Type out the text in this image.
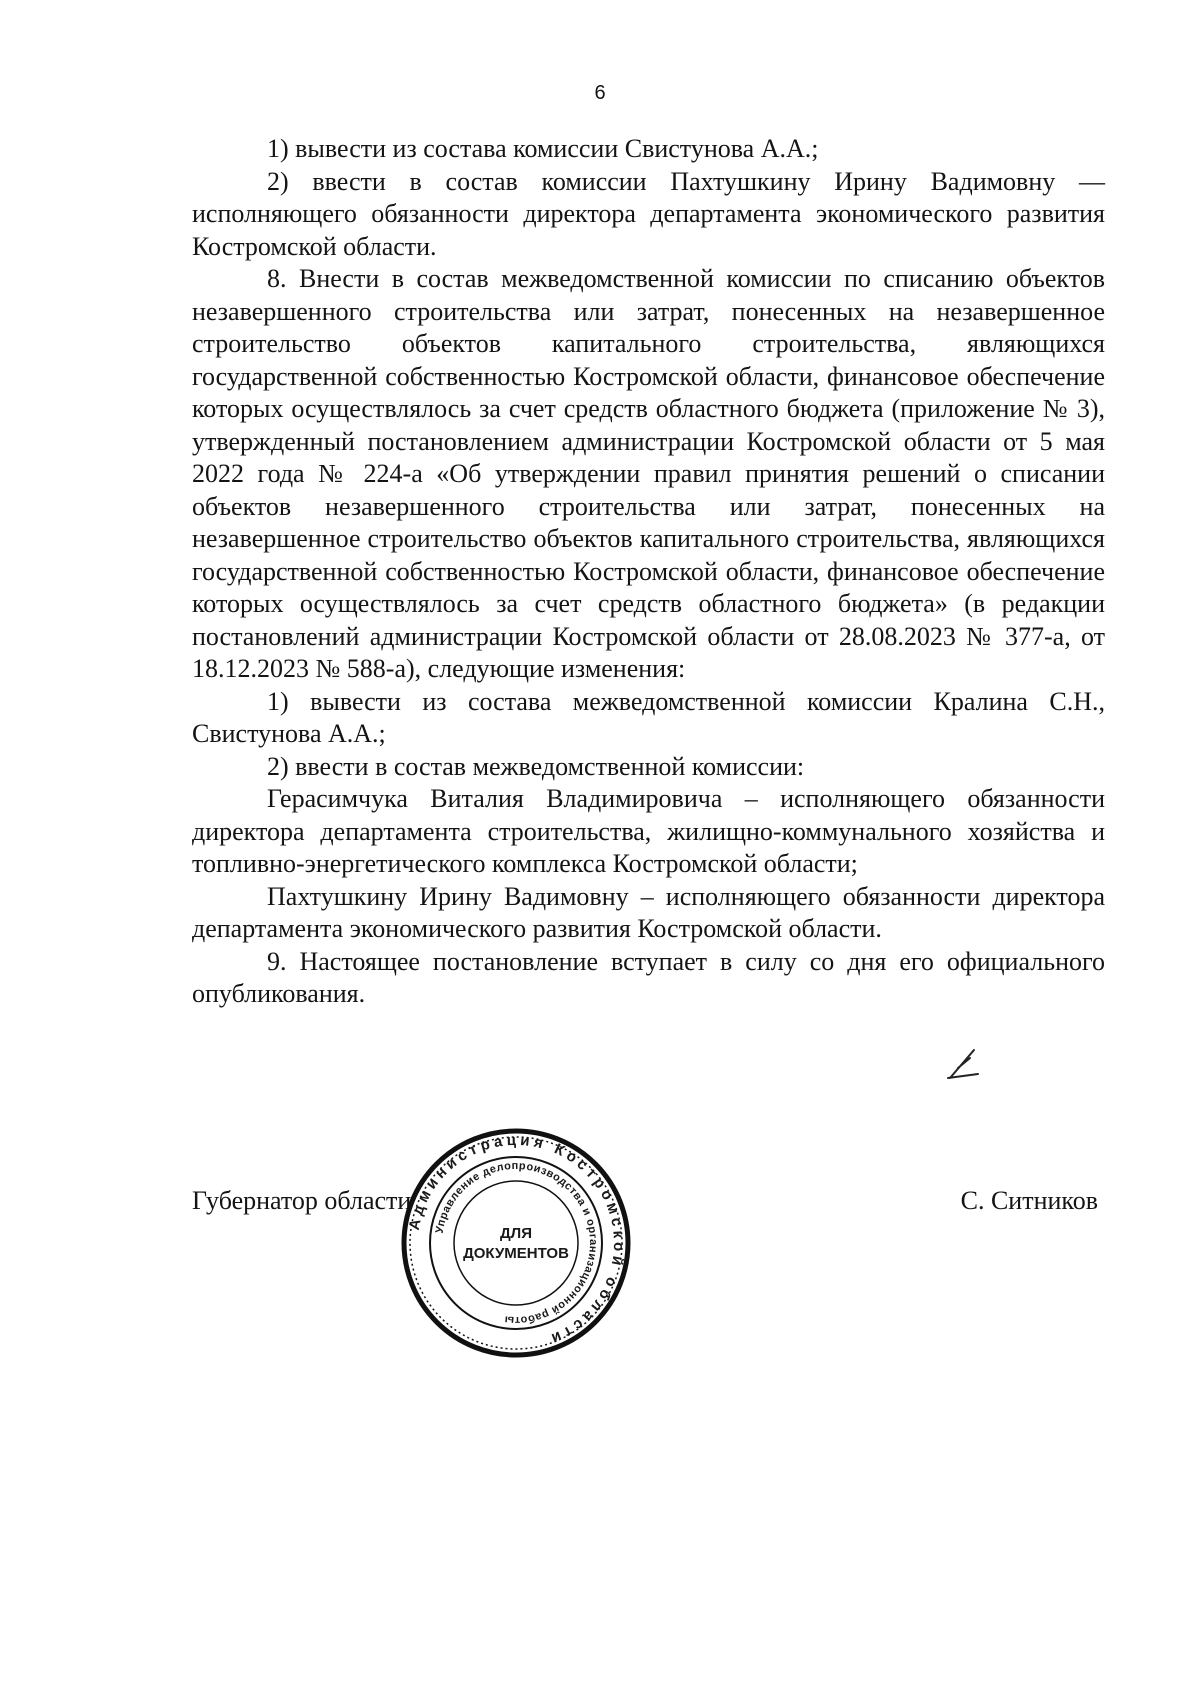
6

1) вывести из состава комиссии Свистунова А.А.;

2) ввести в состав комиссии Пахтушкину Ирину Вадимовну — исполняющего обязанности директора департамента экономического развития Костромской области.

8. Внести в состав межведомственной комиссии по списанию объектов незавершенного строительства или затрат, понесенных на незавершенное строительство объектов капитального строительства, являющихся государственной собственностью Костромской области, финансовое обеспечение которых осуществлялось за счет средств областного бюджета (приложение № 3), утвержденный постановлением администрации Костромской области от 5 мая 2022 года № 224-а «Об утверждении правил принятия решений о списании объектов незавершенного строительства или затрат, понесенных на незавершенное строительство объектов капитального строительства, являющихся государственной собственностью Костромской области, финансовое обеспечение которых осуществлялось за счет средств областного бюджета» (в редакции постановлений администрации Костромской области от 28.08.2023 № 377-а, от 18.12.2023 № 588-а), следующие изменения:

1) вывести из состава межведомственной комиссии Кралина С.Н., Свистунова А.А.;

2) ввести в состав межведомственной комиссии:

Герасимчука Виталия Владимировича – исполняющего обязанности директора департамента строительства, жилищно-коммунального хозяйства и топливно-энергетического комплекса Костромской области;

Пахтушкину Ирину Вадимовну – исполняющего обязанности директора департамента экономического развития Костромской области.

9. Настоящее постановление вступает в силу со дня его официального опубликования.

Губернатор области	С. Ситников
Администрация Костромской области
Управление делопроизводства и организационной работы
ДЛЯ
ДОКУМЕНТОВ
